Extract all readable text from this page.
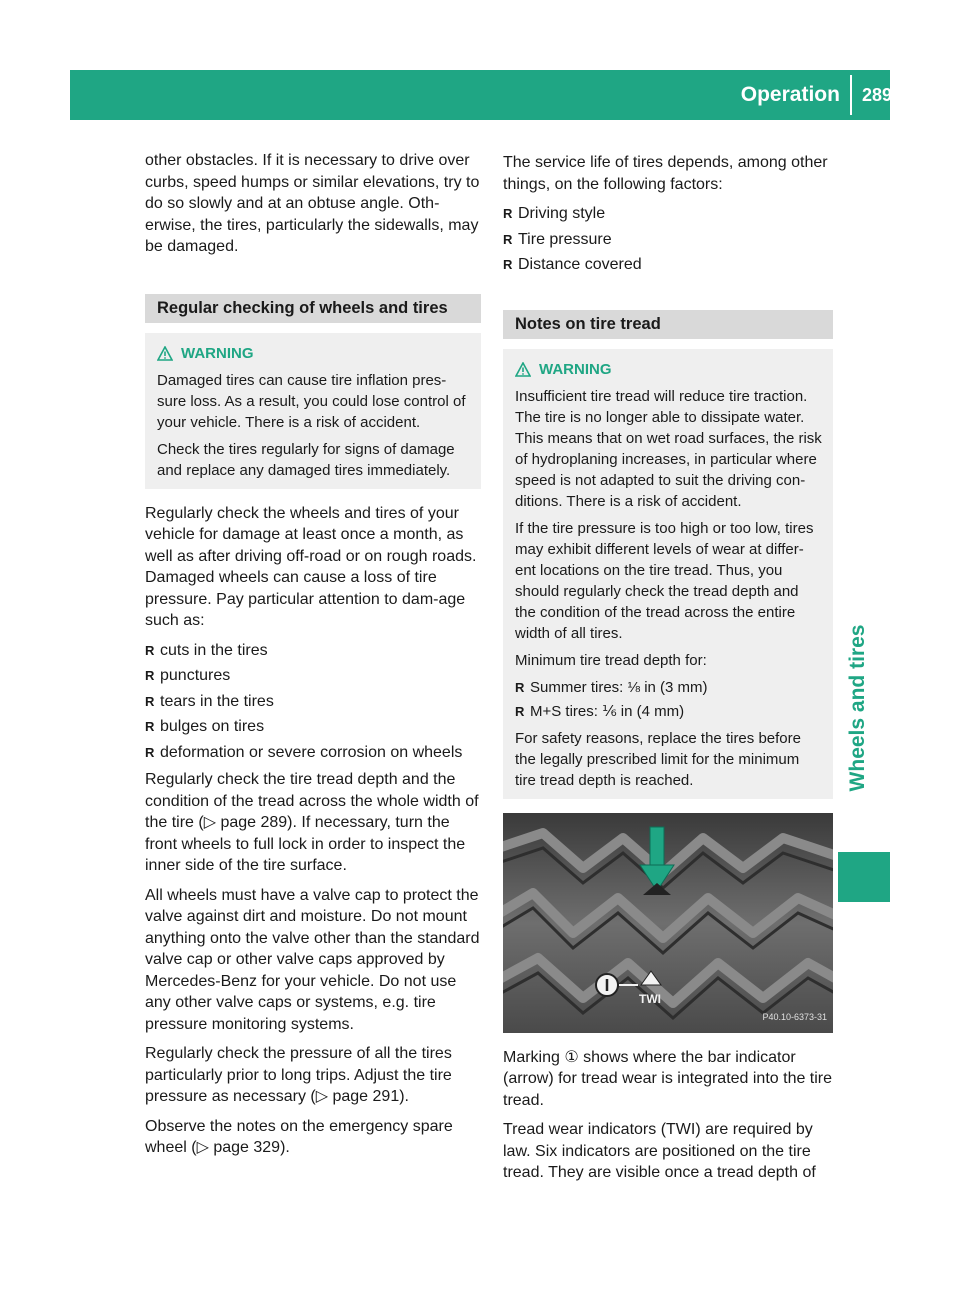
Operation 289
Wheels and tires

other obstacles. If it is necessary to drive over curbs, speed humps or similar elevations, try to do so slowly and at an obtuse angle. Oth-erwise, the tires, particularly the sidewalls, may be damaged.

Regular checking of wheels and tires
WARNING

Damaged tires can cause tire inflation pres-sure loss. As a result, you could lose control of your vehicle. There is a risk of accident.

Check the tires regularly for signs of damage and replace any damaged tires immediately.

Regularly check the wheels and tires of your vehicle for damage at least once a month, as well as after driving off-road or on rough roads. Damaged wheels can cause a loss of tire pressure. Pay particular attention to dam-age such as:

R cuts in the tires
R punctures
R tears in the tires
R bulges on tires
R deformation or severe corrosion on wheels

Regularly check the tire tread depth and the condition of the tread across the whole width of the tire (▷ page 289). If necessary, turn the front wheels to full lock in order to inspect the inner side of the tire surface.

All wheels must have a valve cap to protect the valve against dirt and moisture. Do not mount anything onto the valve other than the standard valve cap or other valve caps approved by Mercedes-Benz for your vehicle. Do not use any other valve caps or systems, e.g. tire pressure monitoring systems.

Regularly check the pressure of all the tires particularly prior to long trips. Adjust the tire pressure as necessary (▷ page 291).

Observe the notes on the emergency spare wheel (▷ page 329).

The service life of tires depends, among other things, on the following factors:

R Driving style
R Tire pressure
R Distance covered
Notes on tire tread
WARNING

Insufficient tire tread will reduce tire traction. The tire is no longer able to dissipate water. This means that on wet road surfaces, the risk of hydroplaning increases, in particular where speed is not adapted to suit the driving con-ditions. There is a risk of accident.

If the tire pressure is too high or too low, tires may exhibit different levels of wear at differ-ent locations on the tire tread. Thus, you should regularly check the tread depth and the condition of the tread across the entire width of all tires.

Minimum tire tread depth for:

R Summer tires: ⅛ in (3 mm)
R M+S tires: ⅙ in (4 mm)

For safety reasons, replace the tires before the legally prescribed limit for the minimum tire tread depth is reached.

TWI
P40.10-6373-31

Marking ① shows where the bar indicator (arrow) for tread wear is integrated into the tire tread.

Tread wear indicators (TWI) are required by law. Six indicators are positioned on the tire tread. They are visible once a tread depth of
